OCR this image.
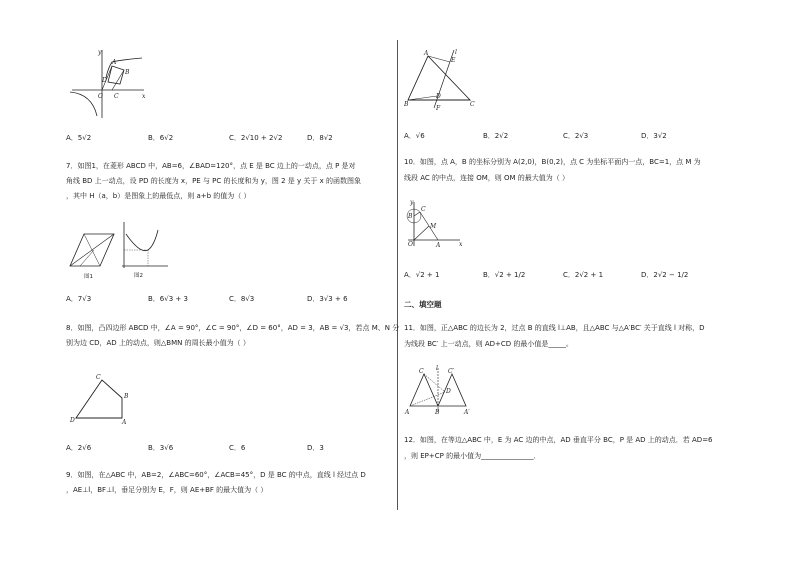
y
A
B
D
O C	x
A．5√2	B．6√2	C．2√10 + 2√2	D．8√2
7．如图1，在菱形 ABCD 中，AB=6，∠BAD=120°，点 E 是 BC 边上的一动点，点 P 是对
角线 BD 上一动点，设 PD 的长度为 x，PE 与 PC 的长度和为 y，图 2 是 y 关于 x 的函数图象
，其中 H（a，b）是图象上的最低点，则 a+b 的值为（ ）
图1	图2
A．7√3	B．6√3 + 3	C．8√3	D．3√3 + 6
8．如图，凸四边形 ABCD 中，∠A = 90°，∠C = 90°，∠D = 60°，AD = 3，AB = √3，若点 M、N 分
别为边 CD，AD 上的动点，则△BMN 的周长最小值为（ ）
C
B
D	A
A．2√6	B．3√6	C．6	D．3
9．如图，在△ABC 中，AB=2，∠ABC=60°，∠ACB=45°，D 是 BC 的中点，直线 l 经过点 D
，AE⊥l，BF⊥l，垂足分别为 E，F，则 AE+BF 的最大值为（ ）
A
E
l
D
B
F
C
A．√6	B．2√2	C．2√3	D．3√2
10．如图，点 A，B 的坐标分别为 A(2,0)，B(0,2)，点 C 为坐标平面内一点，BC=1，点 M 为
线段 AC 的中点，连接 OM，则 OM 的最大值为（ ）
y
B
C
M
O	A	x
A．√2 + 1	B．√2 + 1/2	C．2√2 + 1	D．2√2 − 1/2
二、填空题
11．如图，正△ABC 的边长为 2，过点 B 的直线 l⊥AB，且△ABC 与△A′BC′ 关于直线 l 对称，D
为线段 BC′ 上一动点，则 AD+CD 的最小值是_____。
C l C′
D
A	B	A′
12．如图，在等边△ABC 中，E 为 AC 边的中点，AD 垂直平分 BC，P 是 AD 上的动点．若 AD=6
，则 EP+CP 的最小值为_______________．
